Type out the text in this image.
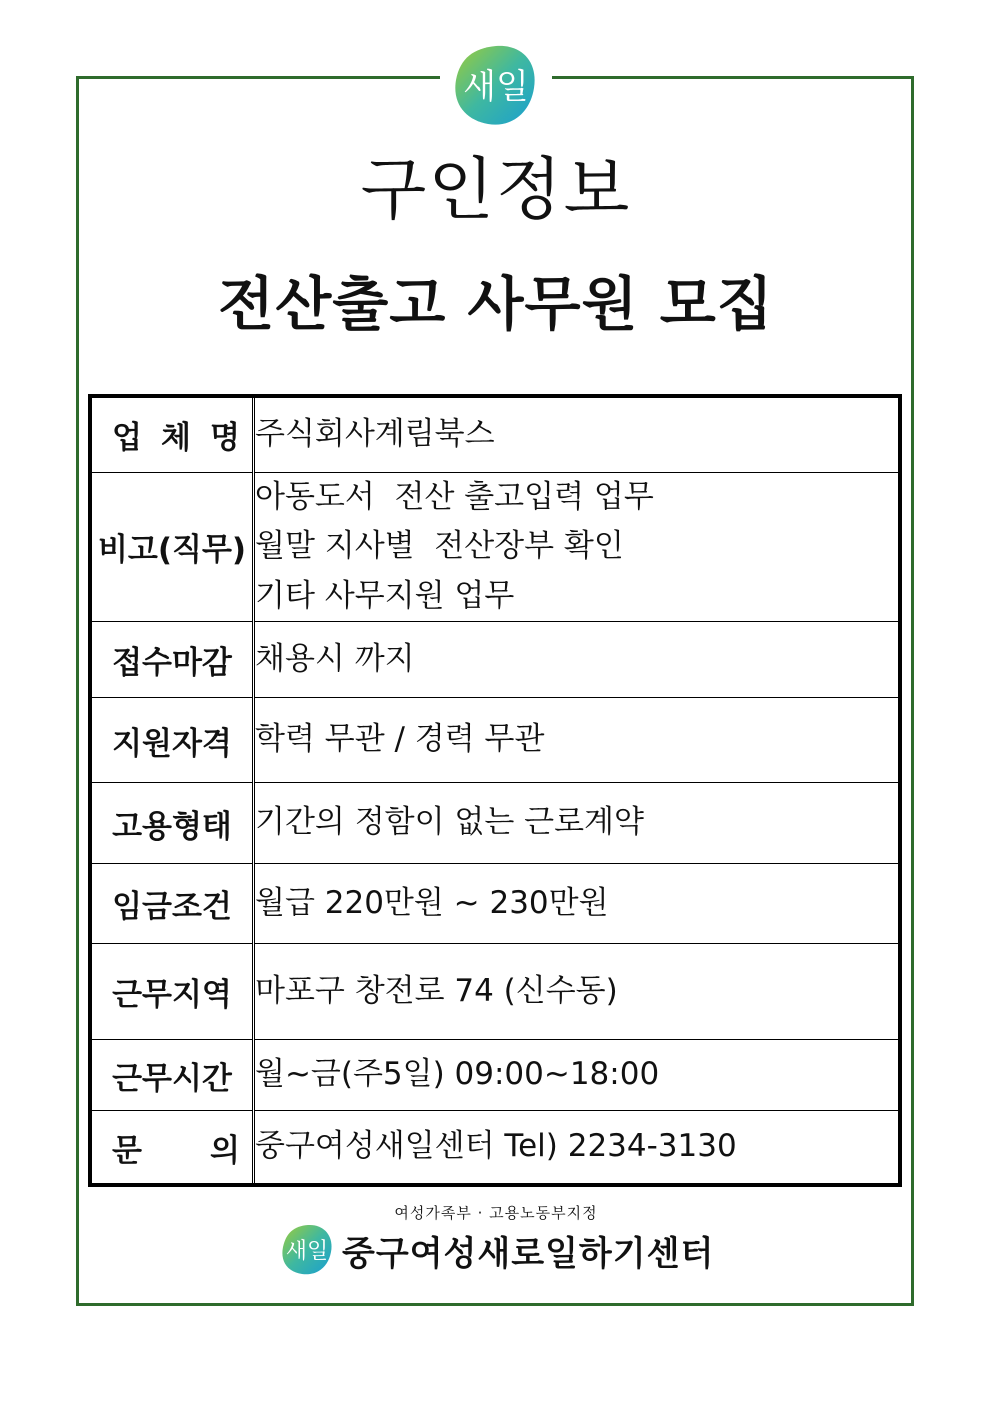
새일
구인정보
전산출고 사무원 모집
업 체 명	주식회사계림북스

비고(직무)	아동도서  전산 출고입력 업무
월말 지사별  전산장부 확인
기타 사무지원 업무

접수마감	채용시 까지

지원자격	학력 무관 / 경력 무관

고용형태	기간의 정함이 없는 근로계약

임금조건	월급 220만원 ~ 230만원

근무지역	마포구 창전로 74 (신수동)

근무시간	월~금(주5일) 09:00~18:00

문 의	중구여성새일센터 Tel) 2234-3130
여성가족부 · 고용노동부지정
새일 중구여성새로일하기센터
